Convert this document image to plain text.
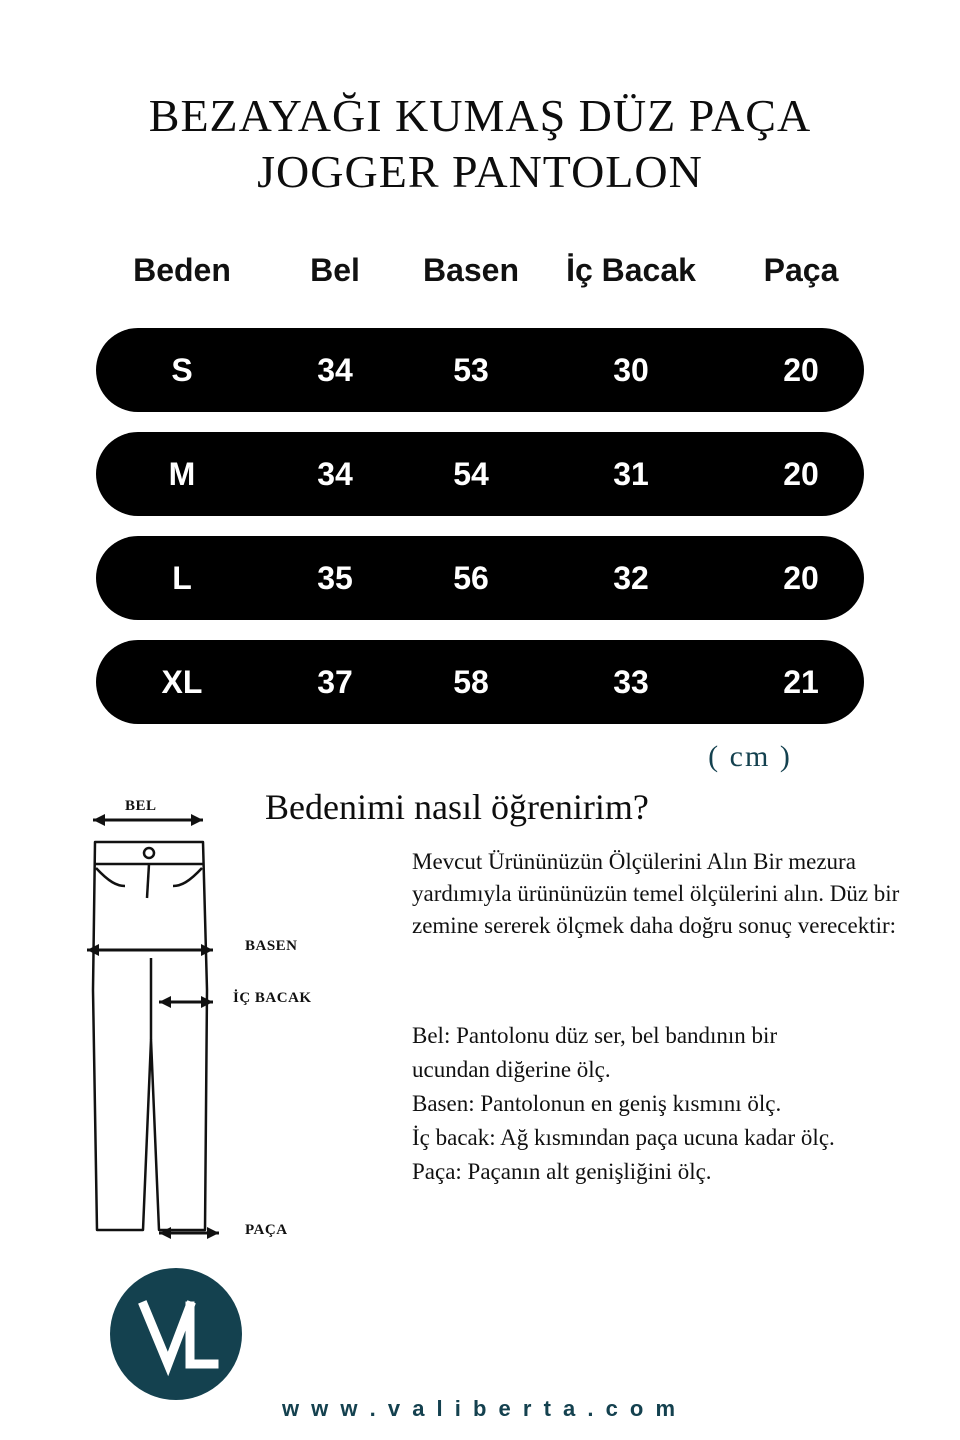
BEZAYAĞI KUMAŞ DÜZ PAÇA
JOGGER PANTOLON
Beden	Bel	Basen	İç Bacak	Paça
S	34	53	30	20
M	34	54	31	20
L	35	56	32	20
XL	37	58	33	21
( cm )
Bedenimi nasıl öğrenirim?
Mevcut Ürününüzün Ölçülerini Alın Bir mezura yardımıyla ürününüzün temel ölçülerini alın. Düz bir zemine sererek ölçmek daha doğru sonuç verecektir:

Bel: Pantolonu düz ser, bel bandının bir

ucundan diğerine ölç.

Basen: Pantolonun en geniş kısmını ölç.

İç bacak: Ağ kısmından paça ucuna kadar ölç.

Paça: Paçanın alt genişliğini ölç.

BEL
BASEN
İÇ BACAK
PAÇA
w w w . v a l i b e r t a . c o m
